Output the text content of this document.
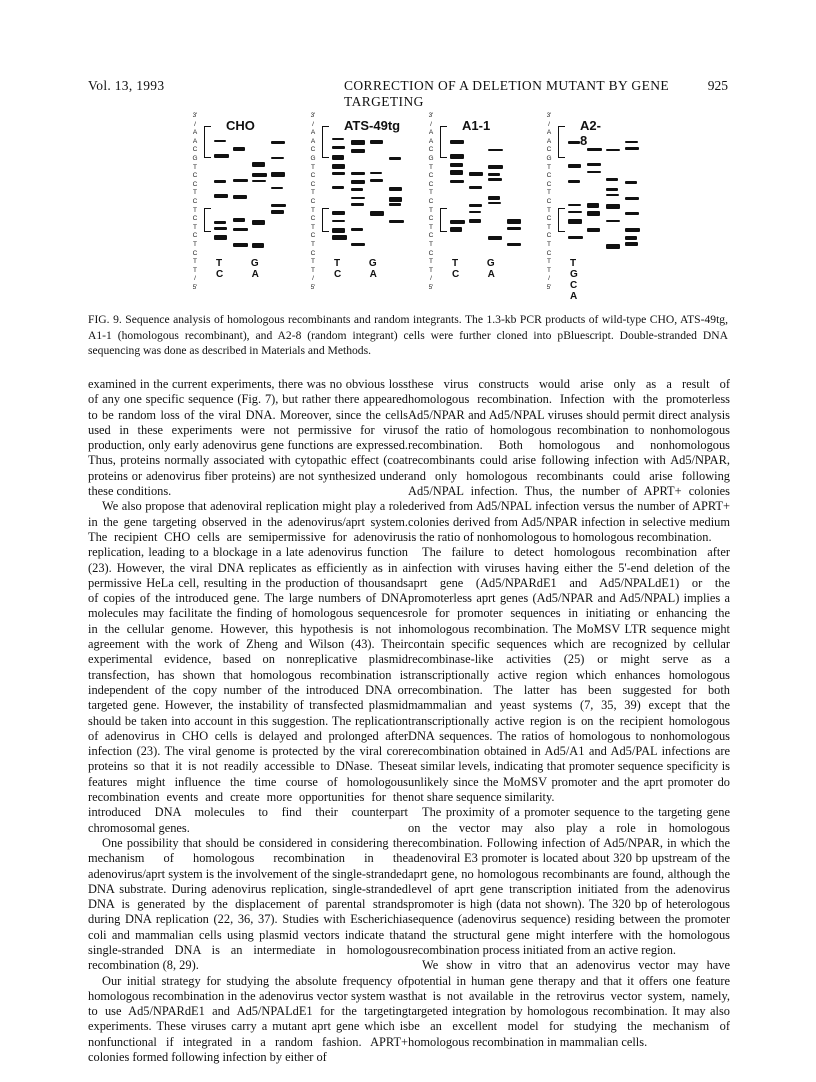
Vol. 13, 1993	CORRECTION OF A DELETION MUTANT BY GENE TARGETING
925
3' / A A C G T C C T C T C T C T C T T / 5'
CHO
T G C A
3' / A A C G T C C T C T C T C T C T T / 5'
ATS-49tg
T G C A
3' / A A C G T C C T C T C T C T C T T / 5'
A1-1
T G C A
3' / A A C G T C C T C T C T C T C T T / 5'
A2-8
T G C A
FIG. 9. Sequence analysis of homologous recombinants and random integrants. The 1.3-kb PCR products of wild-type CHO, ATS-49tg, A1-1 (homologous recombinant), and A2-8 (random integrant) cells were further cloned into pBluescript. Double-stranded DNA sequencing was done as described in Materials and Methods.

examined in the current experiments, there was no obvious loss of any one specific sequence (Fig. 7), but rather there appeared to be random loss of the viral DNA. Moreover, since the cells used in these experiments were not permissive for virus production, only early adenovirus gene functions are expressed. Thus, proteins normally associated with cytopathic effect (coat proteins or adenovirus fiber proteins) are not synthesized under these conditions.

We also propose that adenoviral replication might play a role in the gene targeting observed in the adenovirus/aprt system. The recipient CHO cells are semipermissive for adenovirus replication, leading to a blockage in a late adenovirus function (23). However, the viral DNA replicates as efficiently as in a permissive HeLa cell, resulting in the production of thousands of copies of the introduced gene. The large numbers of DNA molecules may facilitate the finding of homologous sequences in the cellular genome. However, this hypothesis is not in agreement with the work of Zheng and Wilson (43). Their experimental evidence, based on nonreplicative plasmid transfection, has shown that homologous recombination is independent of the copy number of the introduced DNA or targeted gene. However, the instability of transfected plasmid should be taken into account in this suggestion. The replication of adenovirus in CHO cells is delayed and prolonged after infection (23). The viral genome is protected by the viral core proteins so that it is not readily accessible to DNase. These features might influence the time course of homologous recombination events and create more opportunities for the introduced DNA molecules to find their counterpart chromosomal genes.

One possibility that should be considered in considering the mechanism of homologous recombination in the adenovirus/aprt system is the involvement of the single-stranded DNA substrate. During adenovirus replication, single-stranded DNA is generated by the displacement of parental strands during DNA replication (22, 36, 37). Studies with Escherichia coli and mammalian cells using plasmid vectors indicate that single-stranded DNA is an intermediate in homologous recombination (8, 29).

Our initial strategy for studying the absolute frequency of homologous recombination in the adenovirus vector system was to use Ad5/NPARdE1 and Ad5/NPALdE1 for the targeting experiments. These viruses carry a mutant aprt gene which is nonfunctional if integrated in a random fashion. APRT+ colonies formed following infection by either of

these virus constructs would arise only as a result of homologous recombination. Infection with the promoterless Ad5/NPAR and Ad5/NPAL viruses should permit direct analysis of the ratio of homologous recombination to nonhomologous recombination. Both homologous and nonhomologous recombinants could arise following infection with Ad5/NPAR, and only homologous recombinants could arise following Ad5/NPAL infection. Thus, the number of APRT+ colonies derived from Ad5/NPAL infection versus the number of APRT+ colonies derived from Ad5/NPAR infection in selective medium is the ratio of nonhomologous to homologous recombination.

The failure to detect homologous recombination after infection with viruses having either the 5'-end deletion of the aprt gene (Ad5/NPARdE1 and Ad5/NPALdE1) or the promoterless aprt genes (Ad5/NPAR and Ad5/NPAL) implies a role for promoter sequences in initiating or enhancing the homologous recombination. The MoMSV LTR sequence might contain specific sequences which are recognized by cellular recombinase-like activities (25) or might serve as a transcriptionally active region which enhances homologous recombination. The latter has been suggested for both mammalian and yeast systems (7, 35, 39) except that the transcriptionally active region is on the recipient homologous DNA sequences. The ratios of homologous to nonhomologous recombination obtained in Ad5/A1 and Ad5/PAL infections are at similar levels, indicating that promoter sequence specificity is unlikely since the MoMSV promoter and the aprt promoter do not share sequence similarity.

The proximity of a promoter sequence to the targeting gene on the vector may also play a role in homologous recombination. Following infection of Ad5/NPAR, in which the adenoviral E3 promoter is located about 320 bp upstream of the aprt gene, no homologous recombinants are found, although the level of aprt gene transcription initiated from the adenovirus promoter is high (data not shown). The 320 bp of heterologous sequence (adenovirus sequence) residing between the promoter and the structural gene might interfere with the homologous recombination process initiated from an active region.

We show in vitro that an adenovirus vector may have potential in human gene therapy and that it offers one feature that is not available in the retrovirus vector system, namely, targeted integration by homologous recombination. It may also be an excellent model for studying the mechanism of homologous recombination in mammalian cells.
